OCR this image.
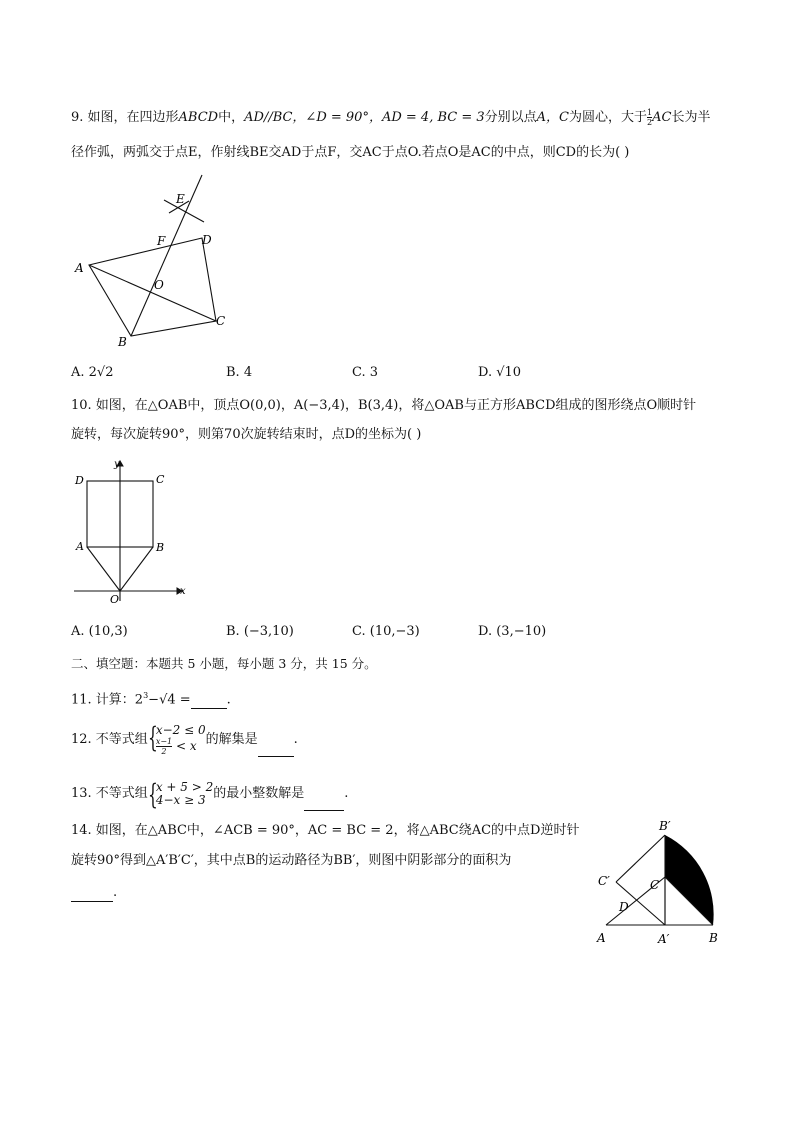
9. 如图，在四边形ABCD中，AD//BC，∠D = 90°，AD = 4, BC = 3分别以点A，C为圆心，大于 $\frac{1}{2}$ AC长为半
径作弧，两弧交于点E，作射线BE交AD于点F，交AC于点O.若点O是AC的中点，则CD的长为( )
E
F	D
A
O
C
B
A. 2√2	B. 4	C. 3	D. √10
10. 如图，在△OAB中，顶点O(0,0)，A(−3,4)，B(3,4)，将△OAB与正方形ABCD组成的图形绕点O顺时针
旋转，每次旋转90°，则第70次旋转结束时，点D的坐标为( )
y
x
D	C
A	B
O
A. (10,3)	B. (−3,10)	C. (10,−3)	D. (3,−10)
二、填空题：本题共 5 小题，每小题 3 分，共 15 分。
11. 计算：$2^3-√4$ =	.
12. 不等式组 {
x−2 ≤ 0
$\frac{x-1}{2} < x$ 的解集是	.
13. 不等式组 {
x + 5 > 2
4−x ≥ 3 的最小整数解是	.
14. 如图，在△ABC中，∠ACB = 90°，AC = BC = 2，将△ABC绕AC的中点D逆时针
旋转90°得到△A′B′C′，其中点B的运动路径为BB′，则图中阴影部分的面积为
.
B′
C′	C
D
A	A′	B
